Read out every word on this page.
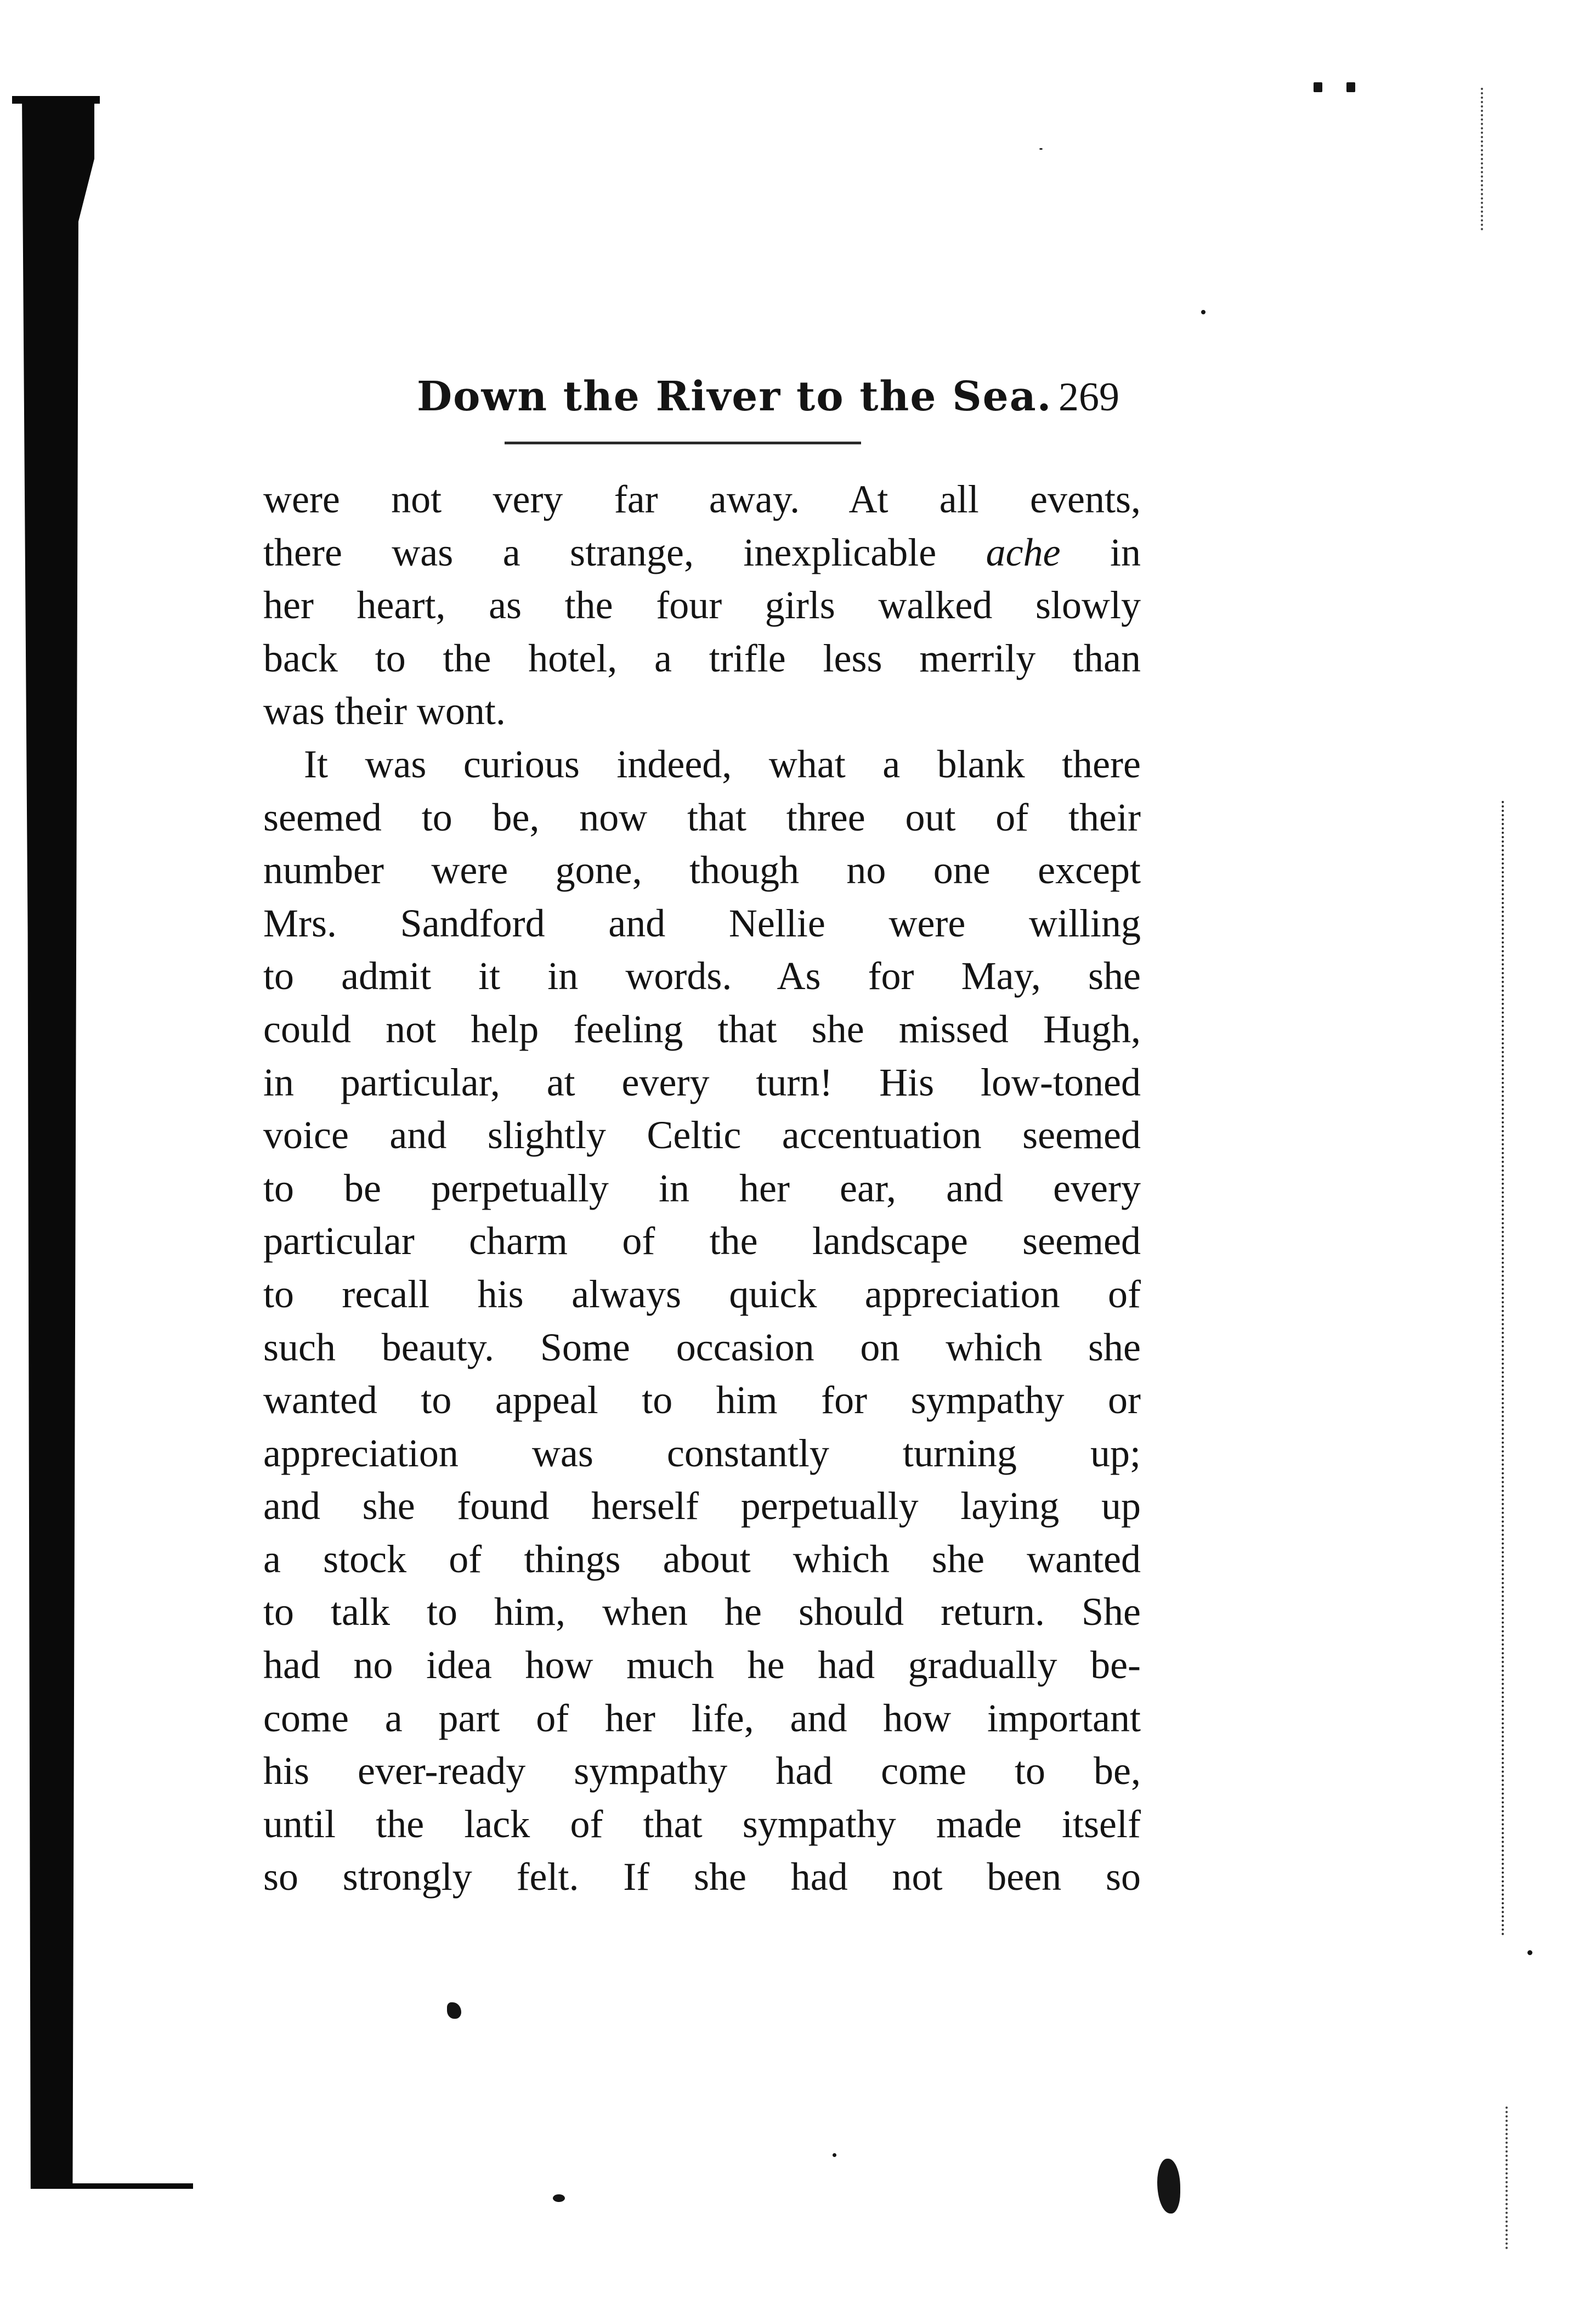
Down the River to the Sea. 269
were not very far away. At all events,
there was a strange, inexplicable ache in
her heart, as the four girls walked slowly
back to the hotel, a trifle less merrily than
was their wont.
It was curious indeed, what a blank there
seemed to be, now that three out of their
number were gone, though no one except
Mrs. Sandford and Nellie were willing
to admit it in words. As for May, she
could not help feeling that she missed Hugh,
in particular, at every turn! His low-toned
voice and slightly Celtic accentuation seemed
to be perpetually in her ear, and every
particular charm of the landscape seemed
to recall his always quick appreciation of
such beauty. Some occasion on which she
wanted to appeal to him for sympathy or
appreciation was constantly turning up;
and she found herself perpetually laying up
a stock of things about which she wanted
to talk to him, when he should return. She
had no idea how much he had gradually be-
come a part of her life, and how important
his ever-ready sympathy had come to be,
until the lack of that sympathy made itself
so strongly felt. If she had not been so
